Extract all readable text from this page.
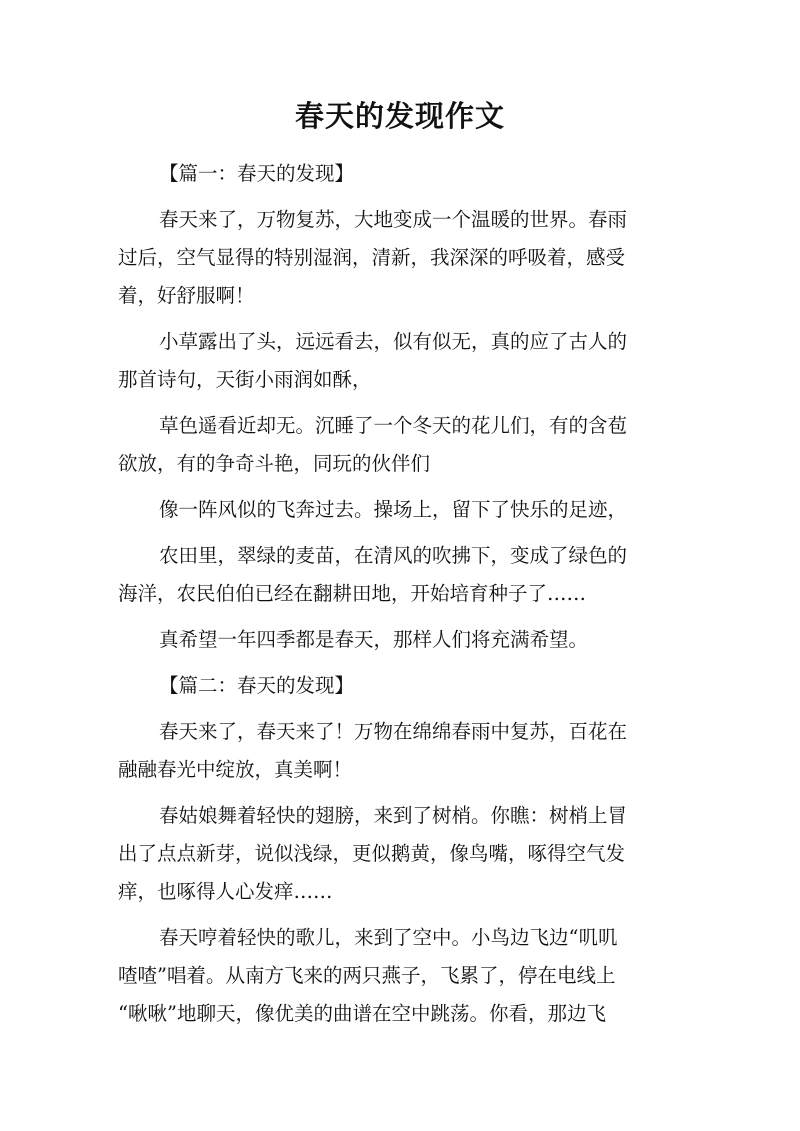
春天的发现作文

【篇一：春天的发现】

春天来了，万物复苏，大地变成一个温暖的世界。春雨
过后，空气显得的特别湿润，清新，我深深的呼吸着，感受
着，好舒服啊！

小草露出了头，远远看去，似有似无，真的应了古人的
那首诗句，天街小雨润如酥，

草色遥看近却无。沉睡了一个冬天的花儿们，有的含苞
欲放，有的争奇斗艳，同玩的伙伴们

像一阵风似的飞奔过去。操场上，留下了快乐的足迹，

农田里，翠绿的麦苗，在清风的吹拂下，变成了绿色的
海洋，农民伯伯已经在翻耕田地，开始培育种子了……

真希望一年四季都是春天，那样人们将充满希望。

【篇二：春天的发现】

春天来了，春天来了！万物在绵绵春雨中复苏，百花在
融融春光中绽放，真美啊！

春姑娘舞着轻快的翅膀，来到了树梢。你瞧：树梢上冒
出了点点新芽，说似浅绿，更似鹅黄，像鸟嘴，啄得空气发
痒，也啄得人心发痒……

春天哼着轻快的歌儿，来到了空中。小鸟边飞边“叽叽
喳喳”唱着。从南方飞来的两只燕子，飞累了，停在电线上
“啾啾”地聊天，像优美的曲谱在空中跳荡。你看，那边飞
